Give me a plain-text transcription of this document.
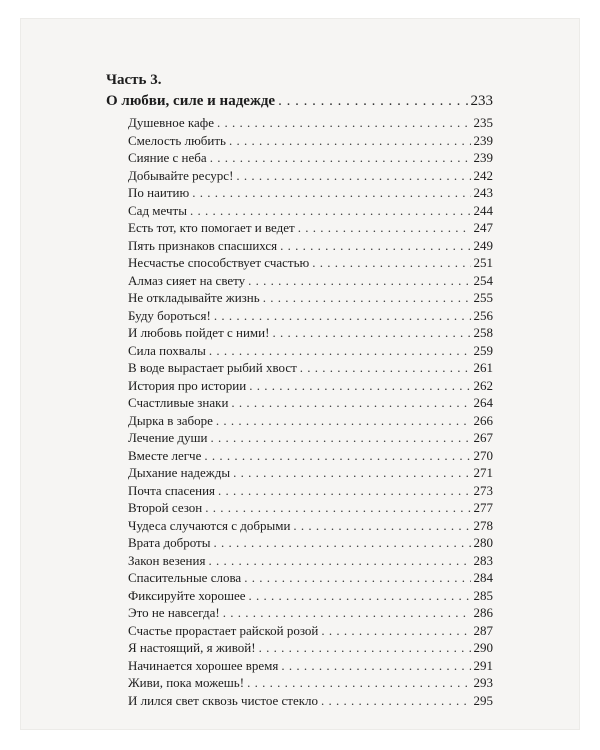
Часть 3.
О любви, силе и надежде . . .	233
Душевное кафе . . .	235
Смелость любить . . .	239
Сияние с неба . . .	239
Добывайте ресурс! . . .	242
По наитию . . .	243
Сад мечты . . .	244
Есть тот, кто помогает и ведет . . .	247
Пять признаков спасшихся . . .	249
Несчастье способствует счастью . . .	251
Алмаз сияет на свету . . .	254
Не откладывайте жизнь . . .	255
Буду бороться! . . .	256
И любовь пойдет с ними! . . .	258
Сила похвалы . . .	259
В воде вырастает рыбий хвост . . .	261
История про истории . . .	262
Счастливые знаки . . .	264
Дырка в заборе . . .	266
Лечение души . . .	267
Вместе легче . . .	270
Дыхание надежды . . .	271
Почта спасения . . .	273
Второй сезон . . .	277
Чудеса случаются с добрыми . . .	278
Врата доброты . . .	280
Закон везения . . .	283
Спасительные слова . . .	284
Фиксируйте хорошее . . .	285
Это не навсегда! . . .	286
Счастье прорастает райской розой . . .	287
Я настоящий, я живой! . . .	290
Начинается хорошее время . . .	291
Живи, пока можешь! . . .	293
И лился свет сквозь чистое стекло . . .	295
